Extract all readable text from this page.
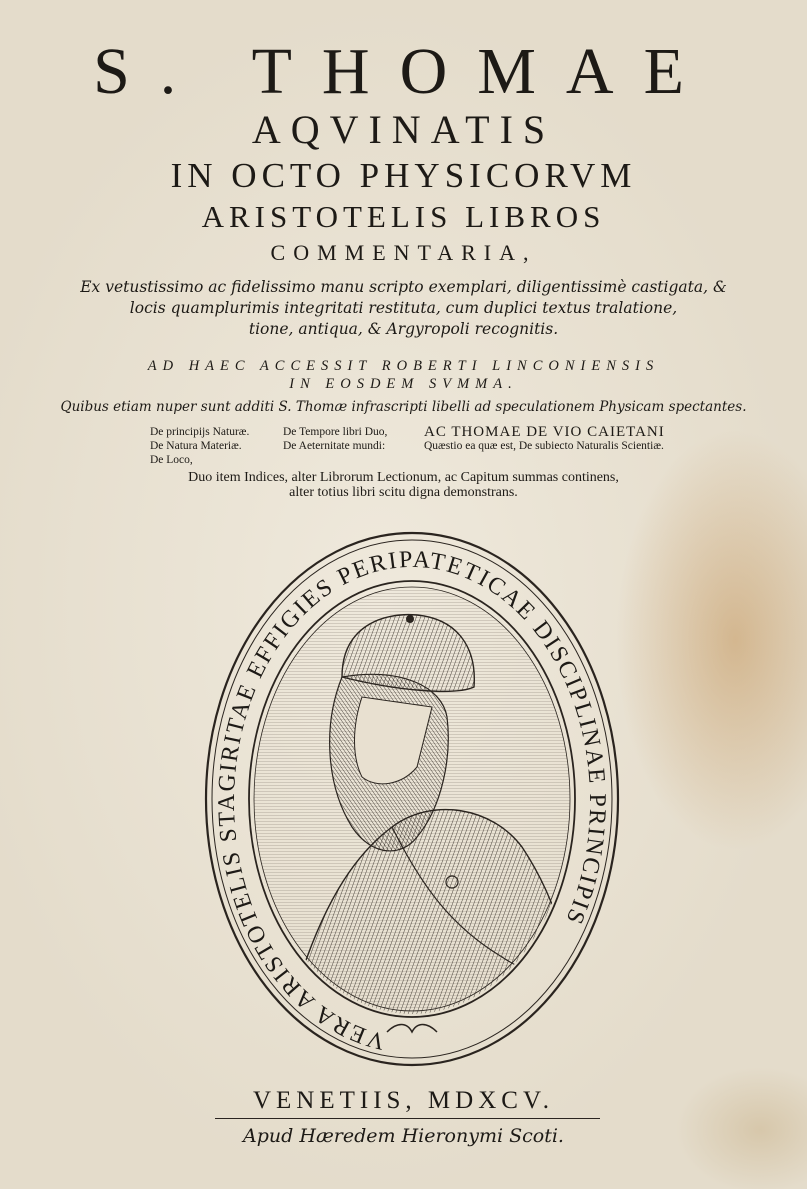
S. THOMAE
AQVINATIS
IN OCTO PHYSICORVM
ARISTOTELIS LIBROS
COMMENTARIA,
Ex vetustissimo ac fidelissimo manu scripto exemplari, diligentissimè castigata, &
locis quamplurimis integritati restituta, cum duplici textus tralatione,
tione, antiqua, & Argyropoli recognitis.
AD HAEC ACCESSIT ROBERTI LINCONIENSIS
IN EOSDEM SVMMA.
Quibus etiam nuper sunt additi S. Thomæ infrascripti libelli ad speculationem Physicam spectantes.
De principijs Naturæ.
De Natura Materiæ.
De Loco,
De Tempore libri Duo,
De Aeternitate mundi:
AC THOMAE DE VIO CAIETANI
Quæstio ea quæ est, De subiecto Naturalis Scientiæ.
Duo item Indices, alter Librorum Lectionum, ac Capitum summas continens,
alter totius libri scitu digna demonstrans.
VERA ARISTOTELIS STAGIRITAE EFFIGIES PERIPATETICAE DISCIPLINAE PRINCIPIS
VENETIIS, MDXCV.
Apud Hæredem Hieronymi Scoti.
